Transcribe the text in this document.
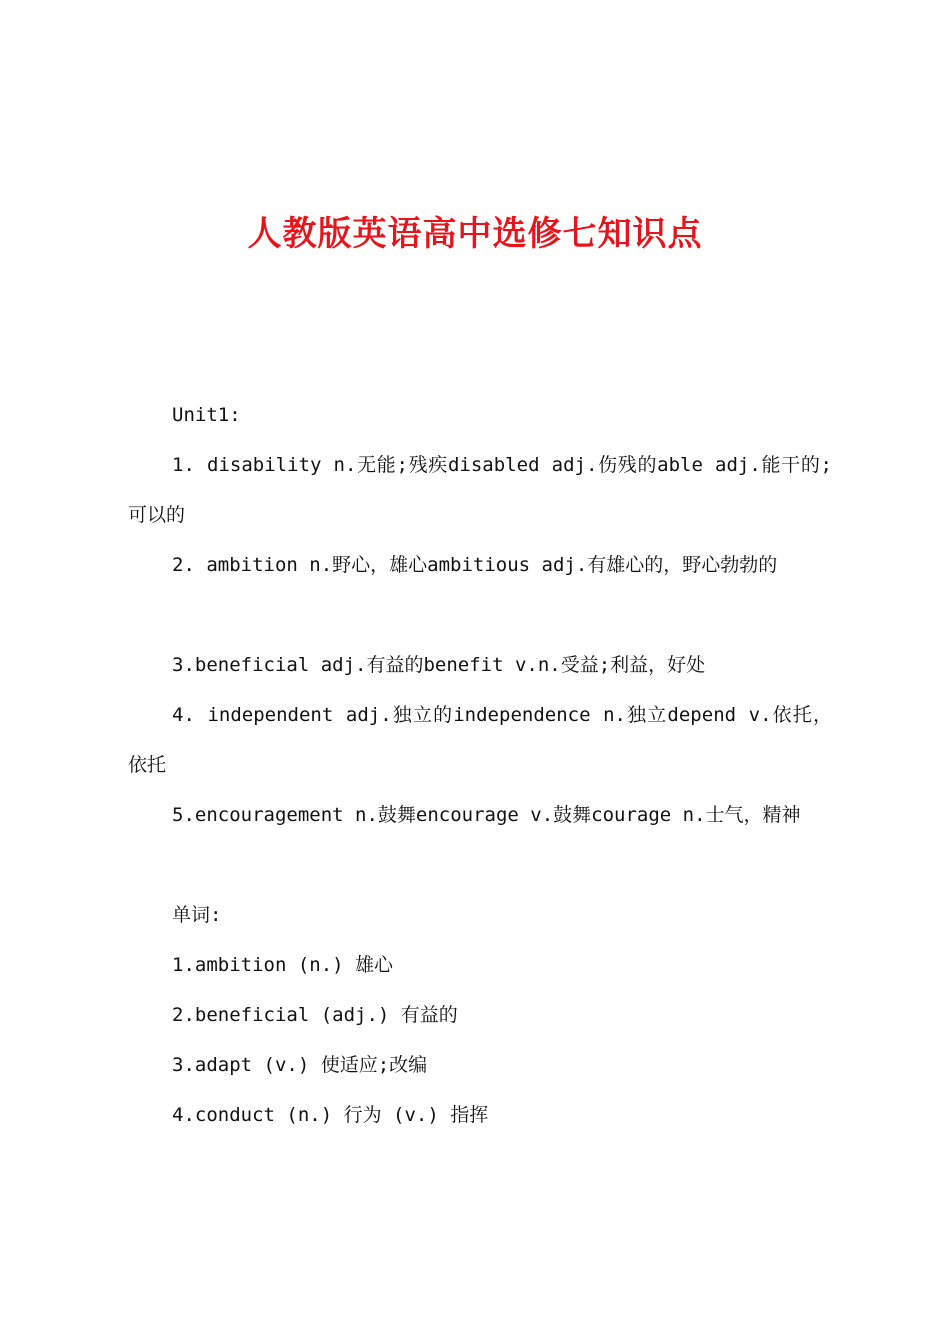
人教版英语高中选修七知识点

Unit1:

1. disability n.无能;残疾disabled adj.伤残的able adj.能干的;可以的

2. ambition n.野心，雄心ambitious adj.有雄心的，野心勃勃的

3.beneficial adj.有益的benefit v.n.受益;利益，好处

4. independent adj.独立的independence n.独立depend v.依托，依托

5.encouragement n.鼓舞encourage v.鼓舞courage n.士气，精神

单词:

1.ambition (n.) 雄心

2.beneficial (adj.) 有益的

3.adapt (v.) 使适应;改编

4.conduct (n.) 行为 (v.) 指挥
